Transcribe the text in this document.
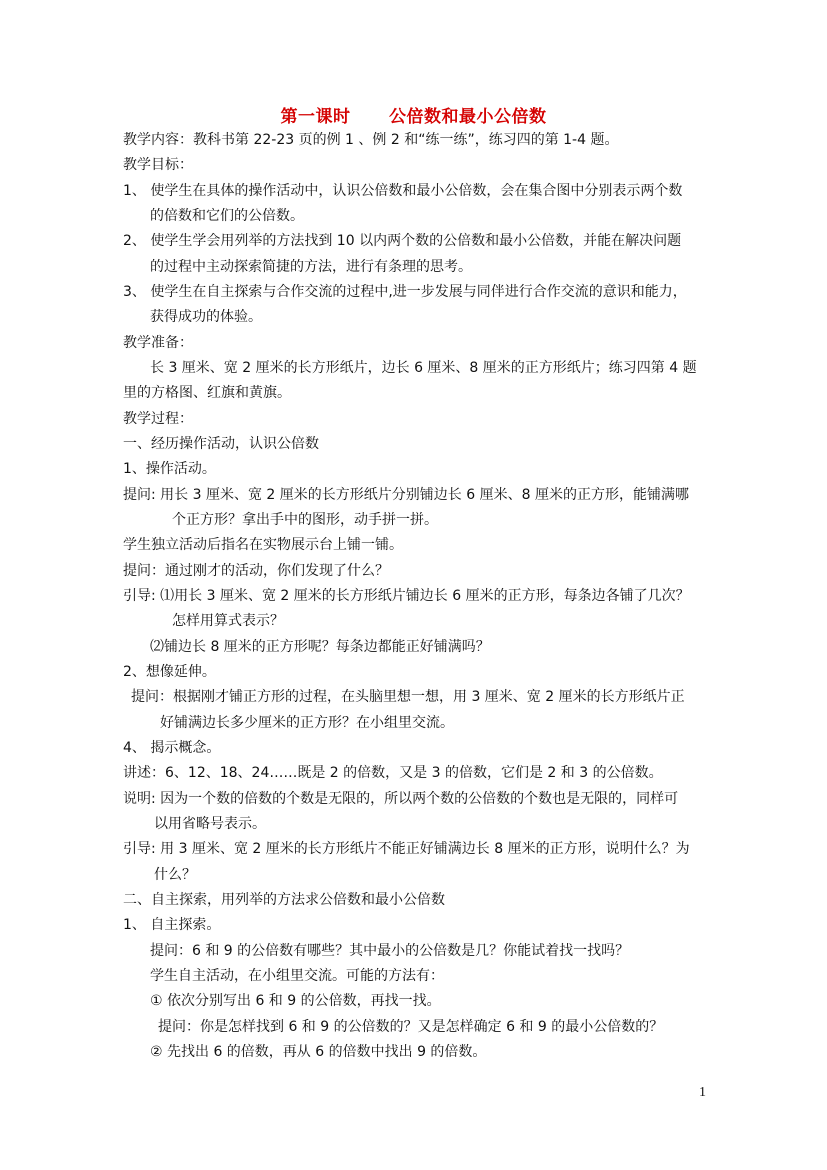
第一课时      公倍数和最小公倍数
教学内容：教科书第 22-23 页的例 1 、例 2 和“练一练”，练习四的第 1-4 题。
教学目标：
1、 使学生在具体的操作活动中，认识公倍数和最小公倍数，会在集合图中分别表示两个数
的倍数和它们的公倍数。
2、 使学生学会用列举的方法找到 10 以内两个数的公倍数和最小公倍数，并能在解决问题
的过程中主动探索简捷的方法，进行有条理的思考。
3、 使学生在自主探索与合作交流的过程中,进一步发展与同伴进行合作交流的意识和能力，
获得成功的体验。
教学准备：
长 3 厘米、宽 2 厘米的长方形纸片，边长 6 厘米、8 厘米的正方形纸片；练习四第 4 题
里的方格图、红旗和黄旗。
教学过程：
一、经历操作活动，认识公倍数
1、操作活动。
提问: 用长 3 厘米、宽 2 厘米的长方形纸片分别铺边长 6 厘米、8 厘米的正方形，能铺满哪
个正方形？拿出手中的图形，动手拼一拼。
学生独立活动后指名在实物展示台上铺一铺。
提问：通过刚才的活动，你们发现了什么？
引导: ⑴用长 3 厘米、宽 2 厘米的长方形纸片铺边长 6 厘米的正方形，每条边各铺了几次？
怎样用算式表示？
⑵铺边长 8 厘米的正方形呢？每条边都能正好铺满吗？
2、想像延伸。
提问：根据刚才铺正方形的过程，在头脑里想一想，用 3 厘米、宽 2 厘米的长方形纸片正
好铺满边长多少厘米的正方形？在小组里交流。
4、 揭示概念。
讲述：6、12、18、24……既是 2 的倍数，又是 3 的倍数，它们是 2 和 3 的公倍数。
说明: 因为一个数的倍数的个数是无限的，所以两个数的公倍数的个数也是无限的，同样可
以用省略号表示。
引导: 用 3 厘米、宽 2 厘米的长方形纸片不能正好铺满边长 8 厘米的正方形，说明什么？为
什么？
二、自主探索，用列举的方法求公倍数和最小公倍数
1、 自主探索。
提问：6 和 9 的公倍数有哪些？其中最小的公倍数是几？你能试着找一找吗？
学生自主活动，在小组里交流。可能的方法有：
① 依次分别写出 6 和 9 的公倍数，再找一找。
提问：你是怎样找到 6 和 9 的公倍数的？又是怎样确定 6 和 9 的最小公倍数的？
② 先找出 6 的倍数，再从 6 的倍数中找出 9 的倍数。
1
